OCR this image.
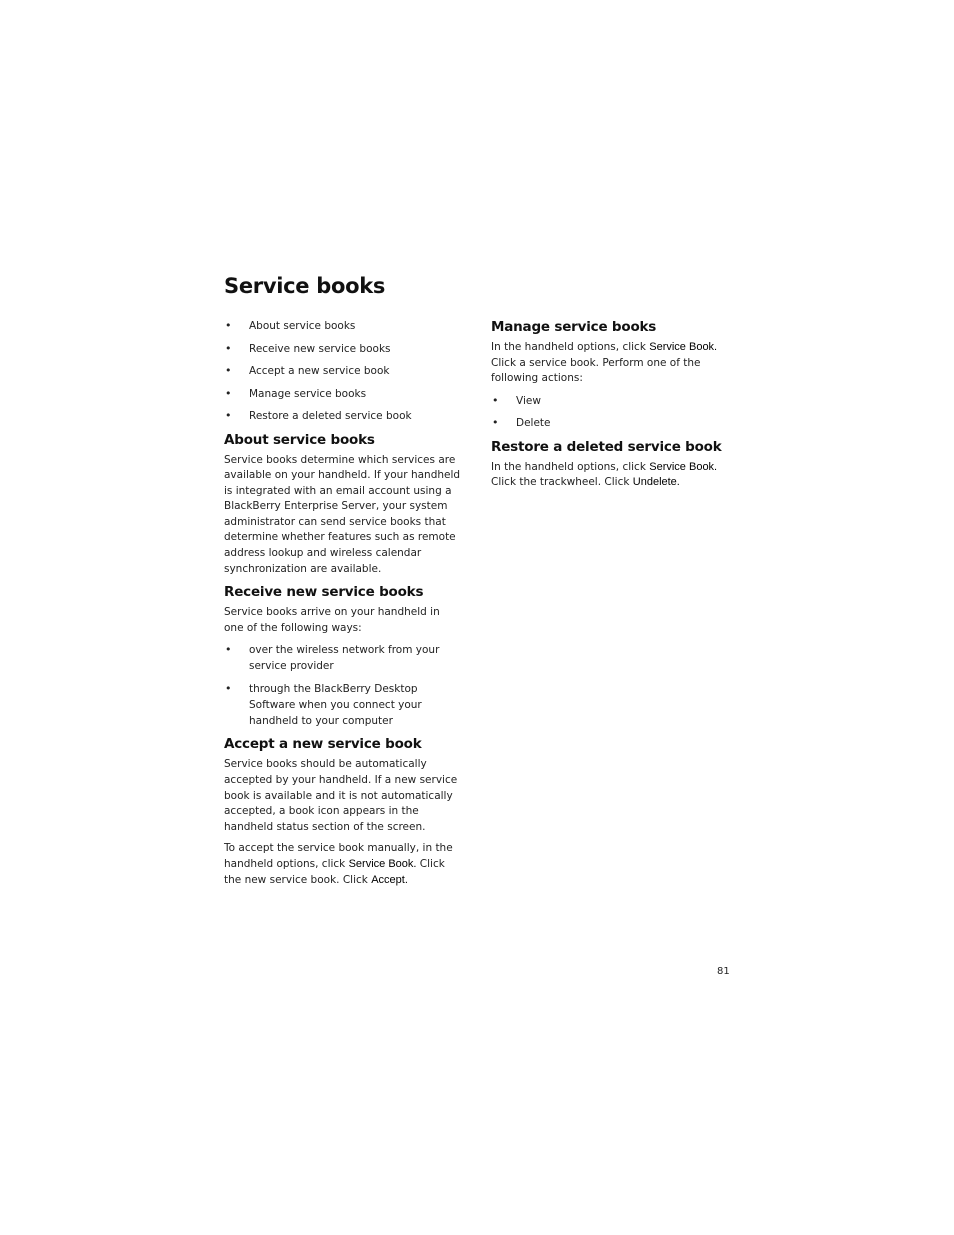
Service books
• About service books
• Receive new service books
• Accept a new service book
• Manage service books
• Restore a deleted service book
About service books

Service books determine which services are available on your handheld. If your handheld is integrated with an email account using a BlackBerry Enterprise Server, your system administrator can send service books that determine whether features such as remote address lookup and wireless calendar synchronization are available.

Receive new service books

Service books arrive on your handheld in one of the following ways:

• over the wireless network from your service provider
• through the BlackBerry Desktop Software when you connect your handheld to your computer
Accept a new service book

Service books should be automatically accepted by your handheld. If a new service book is available and it is not automatically accepted, a book icon appears in the handheld status section of the screen.

To accept the service book manually, in the handheld options, click Service Book. Click the new service book. Click Accept.

Manage service books

In the handheld options, click Service Book. Click a service book. Perform one of the following actions:

• View
• Delete
Restore a deleted service book

In the handheld options, click Service Book. Click the trackwheel. Click Undelete.

81
